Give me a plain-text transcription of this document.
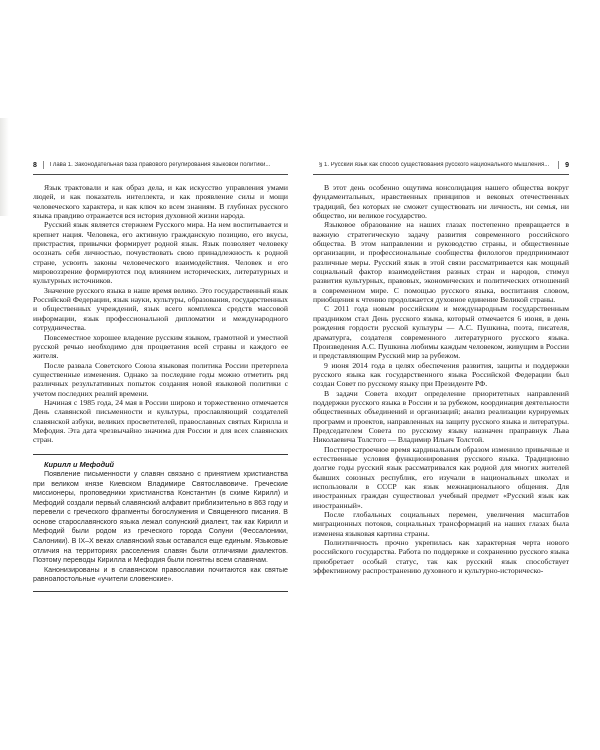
8 Глава 1. Законодательная база правового регулирования языковой политики...

Язык трактовали и как образ дела, и как искусство управления умами людей, и как показатель интеллекта, и как проявление силы и мощи человеческого характера, и как ключ ко всем знаниям. В глубинах русского языка правдиво отражается вся история духовной жизни народа.

Русский язык является стержнем Русского мира. На нем воспитывается и крепнет нация. Человека, его активную гражданскую позицию, его вкусы, пристрастия, привычки формирует родной язык. Язык позволяет человеку осознать себя личностью, почувствовать свою принадлежность к родной стране, усвоить законы человеческого взаимодействия. Человек и его мировоззрение формируются под влиянием исторических, литературных и культурных источников.

Значение русского языка в наше время велико. Это государственный язык Российской Федерации, язык науки, культуры, образования, государственных и общественных учреждений, язык всего комплекса средств массовой информации, язык профессиональной дипломатии и международного сотрудничества.

Повсеместное хорошее владение русским языком, грамотной и уместной русской речью необходимо для процветания всей страны и каждого ее жителя.

После развала Советского Союза языковая политика России претерпела существенные изменения. Однако за последние годы можно отметить ряд различных результативных попыток создания новой языковой политики с учетом последних реалий времени.

Начиная с 1985 года, 24 мая в России широко и торжественно отмечается День славянской письменности и культуры, прославляющий создателей славянской азбуки, великих просветителей, православных святых Кирилла и Мефодия. Эта дата чрезвычайно значима для России и для всех славянских стран.

Кирилл и Мефодий

Появление письменности у славян связано с принятием христианства при великом князе Киевском Владимире Святославовиче. Греческие миссионеры, проповедники христианства Константин (в схиме Кирилл) и Мефодий создали первый славянский алфавит приблизительно в 863 году и перевели с греческого фрагменты богослужения и Священного писания. В основе старославянского языка лежал солунский диалект, так как Кирилл и Мефодий были родом из греческого города Солуни (Фессалоники, Салоники). В IX–X веках славянский язык оставался еще единым. Языковые отличия на территориях расселения славян были отличиями диалектов. Поэтому переводы Кирилла и Мефодия были понятны всем славянам.

Канонизированы и в славянском православии почитаются как святые равноапостольные «учители словенские».

§ 1. Русский язык как способ существования русского национального мышления... 9

В этот день особенно ощутима консолидация нашего общества вокруг фундаментальных, нравственных принципов и вековых отечественных традиций, без которых не сможет существовать ни личность, ни семья, ни общество, ни великое государство.

Языковое образование на наших глазах постепенно превращается в важную стратегическую задачу развития современного российского общества. В этом направлении и руководство страны, и общественные организации, и профессиональные сообщества филологов предпринимают различные меры. Русский язык в этой связи рассматривается как мощный социальный фактор взаимодействия разных стран и народов, стимул развития культурных, правовых, экономических и политических отношений в современном мире. С помощью русского языка, воспитания словом, приобщения к чтению продолжается духовное единение Великой страны.

С 2011 года новым российским и международным государственным праздником стал День русского языка, который отмечается 6 июня, в день рождения гордости русской культуры — А.С. Пушкина, поэта, писателя, драматурга, создателя современного литературного русского языка. Произведения А.С. Пушкина любимы каждым человеком, живущим в России и представляющим Русский мир за рубежом.

9 июня 2014 года в целях обеспечения развития, защиты и поддержки русского языка как государственного языка Российской Федерации был создан Совет по русскому языку при Президенте РФ.

В задачи Совета входит определение приоритетных направлений поддержки русского языка в России и за рубежом, координация деятельности общественных объединений и организаций; анализ реализации курируемых программ и проектов, направленных на защиту русского языка и литературы. Председателем Совета по русскому языку назначен праправнук Льва Николаевича Толстого — Владимир Ильич Толстой.

Постперестроечное время кардинальным образом изменило привычные и естественные условия функционирования русского языка. Традиционно долгие годы русский язык рассматривался как родной для многих жителей бывших союзных республик, его изучали в национальных школах и использовали в СССР как язык межнационального общения. Для иностранных граждан существовал учебный предмет «Русский язык как иностранный».

После глобальных социальных перемен, увеличения масштабов миграционных потоков, социальных трансформаций на наших глазах была изменена языковая картина страны.

Полиэтничность прочно укрепилась как характерная черта нового российского государства. Работа по поддержке и сохранению русского языка приобретает особый статус, так как русский язык способствует эффективному распространению духовного и культурно-историческо-
